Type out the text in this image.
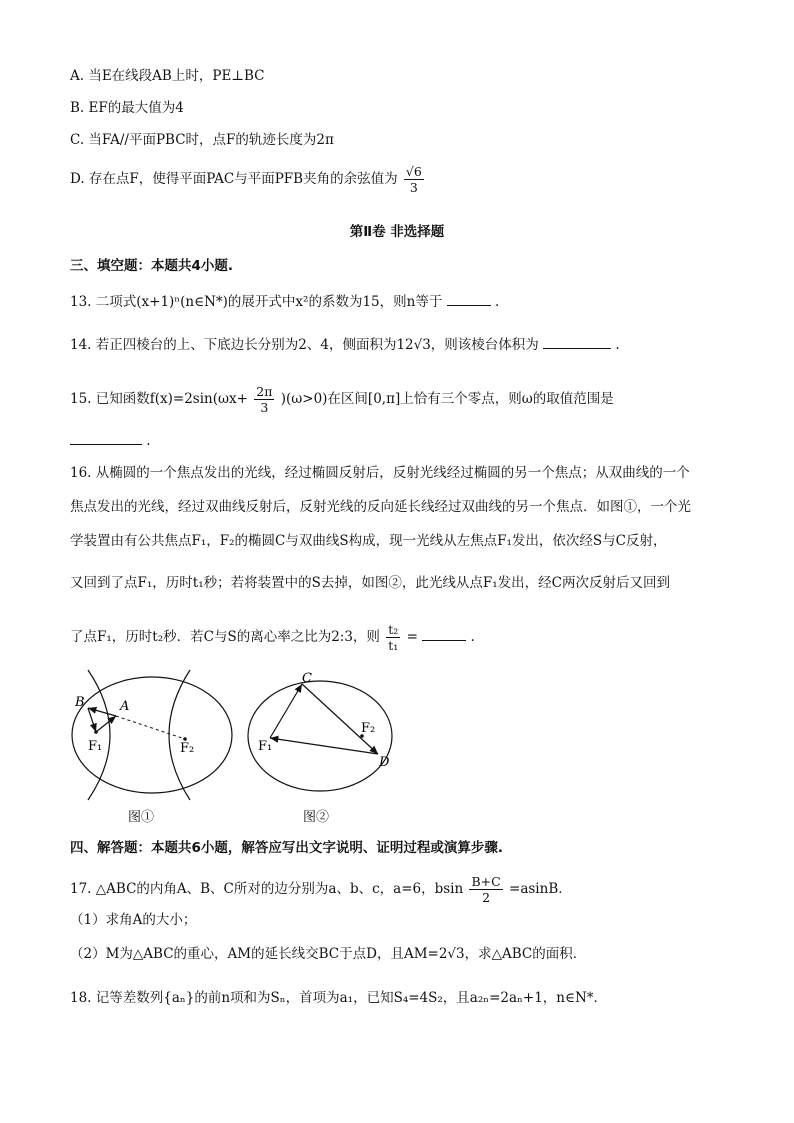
A. 当E在线段AB上时，PE⊥BC
B. EF的最大值为4
C. 当FA//平面PBC时，点F的轨迹长度为2π
D. 存在点F，使得平面PAC与平面PFB夹角的余弦值为 $\frac{√6}{3}$
第Ⅱ卷 非选择题
三、填空题：本题共4小题.
13. 二项式(x+1)ⁿ(n∈N*)的展开式中x²的系数为15，则n等于	.
14. 若正四棱台的上、下底边长分别为2、4，侧面积为12√3，则该棱台体积为	.
15. 已知函数$f(x)=2\sin(\omega x+ \frac{2\pi}{3} )(\omega>0)$在区间[0,π]上恰有三个零点，则ω的取值范围是
.
16. 从椭圆的一个焦点发出的光线，经过椭圆反射后，反射光线经过椭圆的另一个焦点；从双曲线的一个
焦点发出的光线，经过双曲线反射后，反射光线的反向延长线经过双曲线的另一个焦点．如图①，一个光
学装置由有公共焦点F₁，F₂的椭圆C与双曲线S构成，现一光线从左焦点F₁发出，依次经S与C反射，
又回到了点F₁，历时t₁秒；若将装置中的S去掉，如图②，此光线从点F₁发出，经C两次反射后又回到
了点F₁，历时t₂秒．若C与S的离心率之比为2:3，则 $\frac{\text{t₂}}{\text{t₁}}$ =	.
B	A
F₁	F₂
图①
C
F₁
F₂
D
图②
四、解答题：本题共6小题，解答应写出文字说明、证明过程或演算步骤.
17. △ABC的内角A、B、C所对的边分别为a、b、c，a=6，bsin $\frac{B+C}{2} =asinB$．
（1）求角A的大小；
（2）M为△ABC的重心，AM的延长线交BC于点D，且AM=2√3，求△ABC的面积．
18. 记等差数列{aₙ}的前n项和为Sₙ，首项为a₁，已知S₄=4S₂，且a₂ₙ=2aₙ+1，n∈N*．
